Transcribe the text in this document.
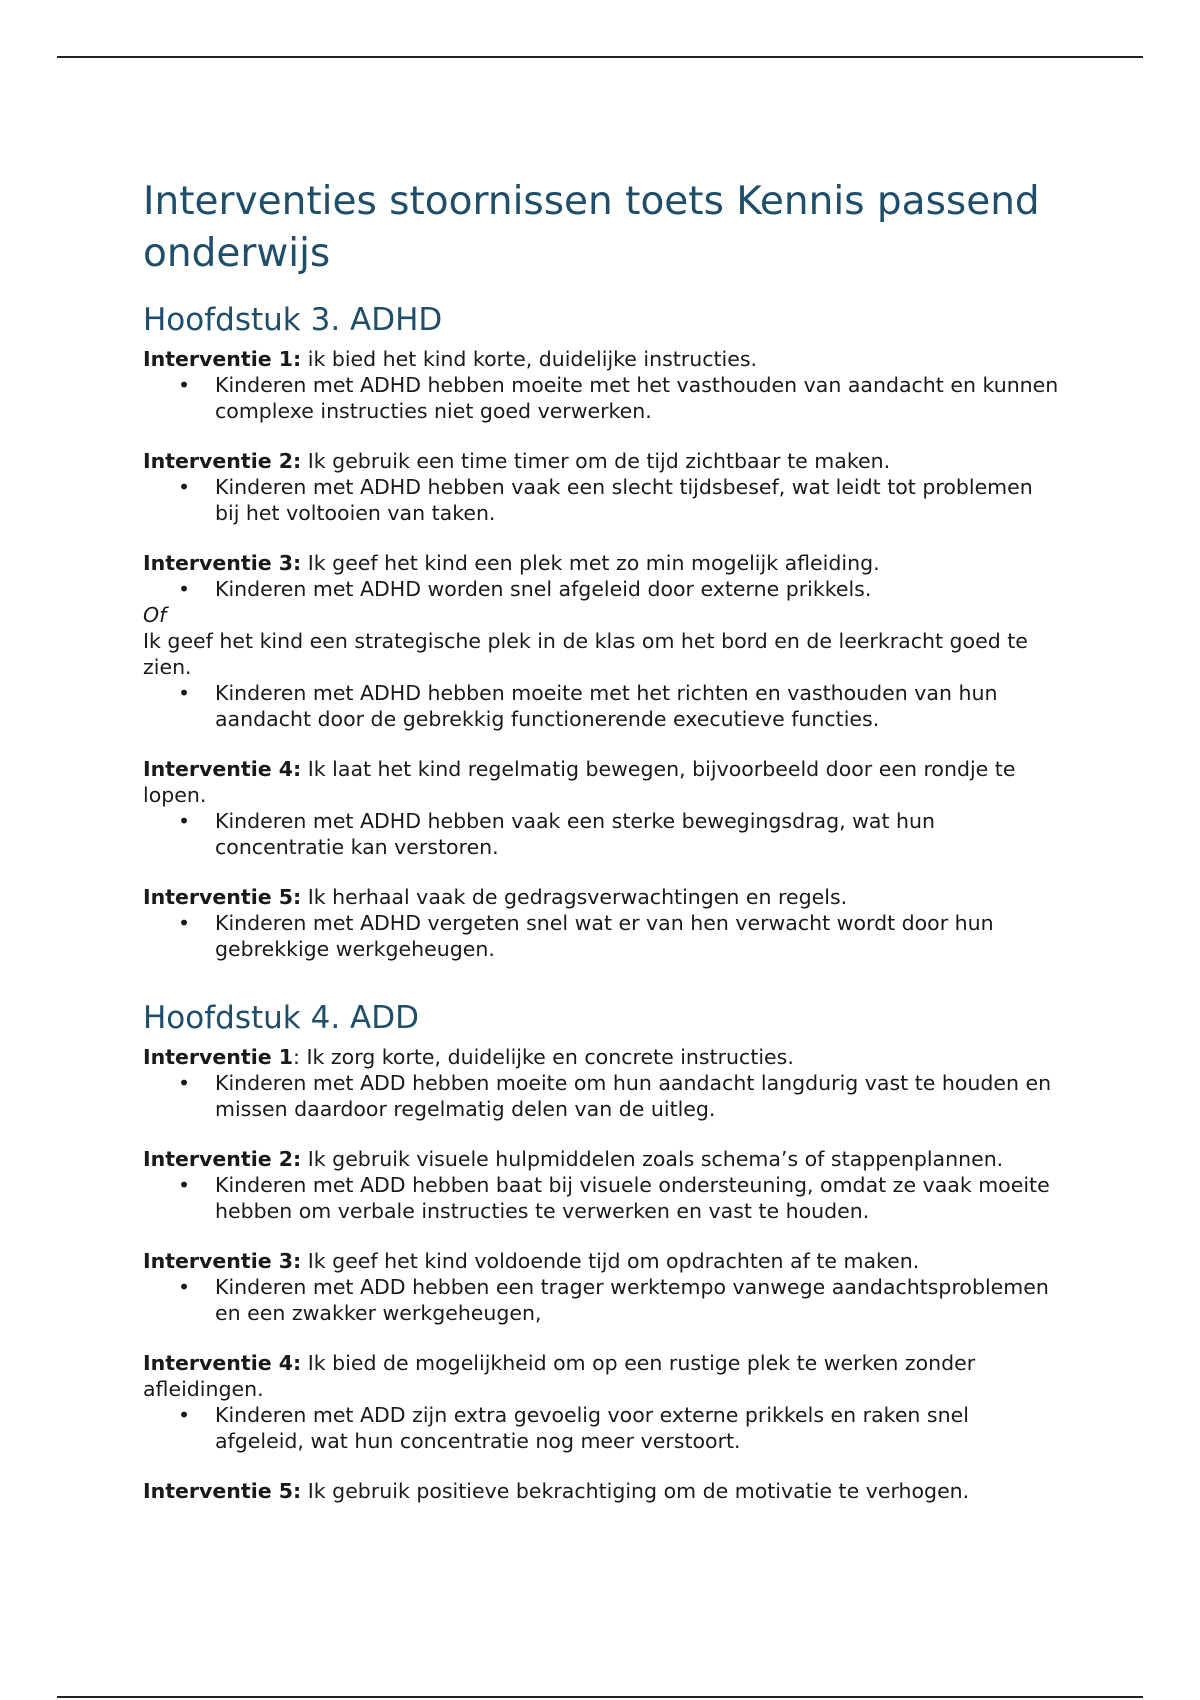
Interventies stoornissen toets Kennis passend onderwijs
Hoofdstuk 3. ADHD

Interventie 1: ik bied het kind korte, duidelijke instructies.

• Kinderen met ADHD hebben moeite met het vasthouden van aandacht en kunnen complexe instructies niet goed verwerken.

Interventie 2: Ik gebruik een time timer om de tijd zichtbaar te maken.

• Kinderen met ADHD hebben vaak een slecht tijdsbesef, wat leidt tot problemen bij het voltooien van taken.

Interventie 3: Ik geef het kind een plek met zo min mogelijk afleiding.

• Kinderen met ADHD worden snel afgeleid door externe prikkels.

Of

Ik geef het kind een strategische plek in de klas om het bord en de leerkracht goed te zien.

• Kinderen met ADHD hebben moeite met het richten en vasthouden van hun aandacht door de gebrekkig functionerende executieve functies.

Interventie 4: Ik laat het kind regelmatig bewegen, bijvoorbeeld door een rondje te lopen.

• Kinderen met ADHD hebben vaak een sterke bewegingsdrag, wat hun concentratie kan verstoren.

Interventie 5: Ik herhaal vaak de gedragsverwachtingen en regels.

• Kinderen met ADHD vergeten snel wat er van hen verwacht wordt door hun gebrekkige werkgeheugen.
Hoofdstuk 4. ADD

Interventie 1: Ik zorg korte, duidelijke en concrete instructies.

• Kinderen met ADD hebben moeite om hun aandacht langdurig vast te houden en missen daardoor regelmatig delen van de uitleg.

Interventie 2: Ik gebruik visuele hulpmiddelen zoals schema’s of stappenplannen.

• Kinderen met ADD hebben baat bij visuele ondersteuning, omdat ze vaak moeite hebben om verbale instructies te verwerken en vast te houden.

Interventie 3: Ik geef het kind voldoende tijd om opdrachten af te maken.

• Kinderen met ADD hebben een trager werktempo vanwege aandachtsproblemen en een zwakker werkgeheugen,

Interventie 4: Ik bied de mogelijkheid om op een rustige plek te werken zonder afleidingen.

• Kinderen met ADD zijn extra gevoelig voor externe prikkels en raken snel afgeleid, wat hun concentratie nog meer verstoort.

Interventie 5: Ik gebruik positieve bekrachtiging om de motivatie te verhogen.
